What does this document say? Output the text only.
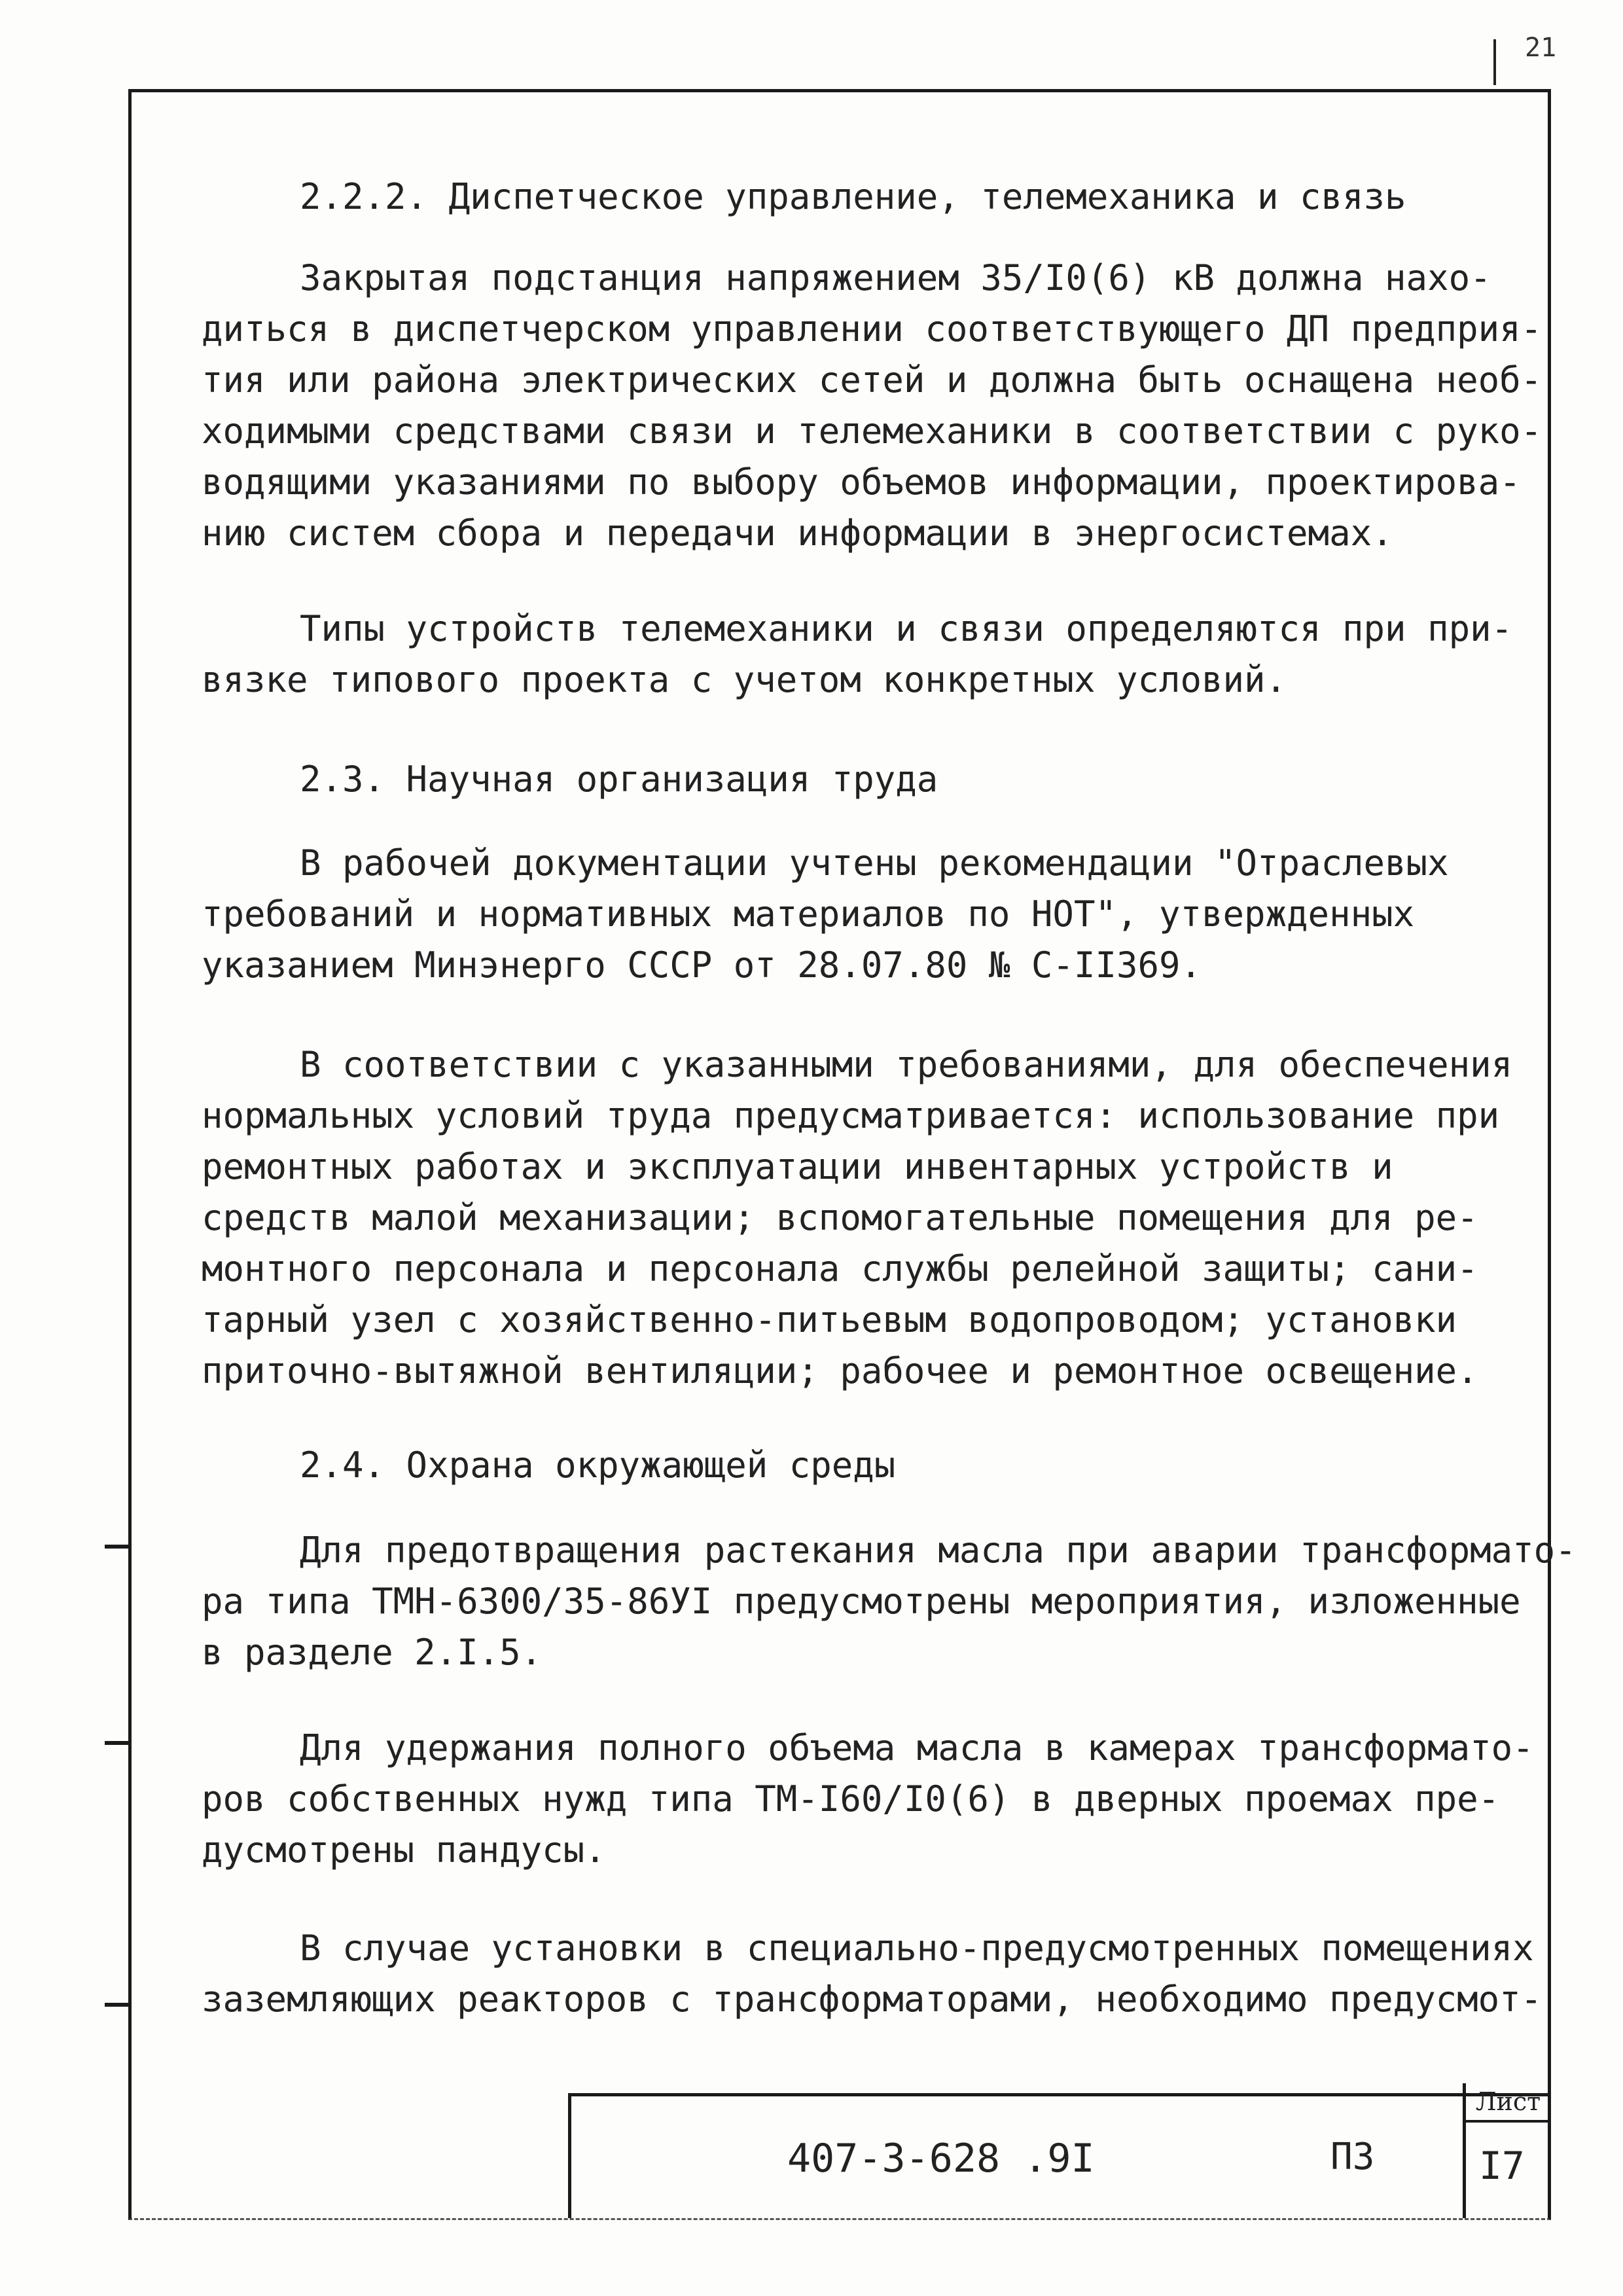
21
2.2.2. Диспетческое управление, телемеханика и связь

Закрытая подстанция напряжением 35/I0(6) кВ должна нахо-

диться в диспетчерском управлении соответствующего ДП предприя-

тия или района электрических сетей и должна быть оснащена необ-

ходимыми средствами связи и телемеханики в соответствии с руко-

водящими указаниями по выбору объемов информации, проектирова-

нию систем сбора и передачи информации в энергосистемах.

Типы устройств телемеханики и связи определяются при при-

вязке типового проекта с учетом конкретных условий.

2.3. Научная организация труда

В рабочей документации учтены рекомендации "Отраслевых

требований и нормативных материалов по НОТ", утвержденных

указанием Минэнерго СССР от 28.07.80 № С-II369.

В соответствии с указанными требованиями, для обеспечения

нормальных условий труда предусматривается: использование при

ремонтных работах и эксплуатации инвентарных устройств и

средств малой механизации; вспомогательные помещения для ре-

монтного персонала и персонала службы релейной защиты; сани-

тарный узел с хозяйственно-питьевым водопроводом; установки

приточно-вытяжной вентиляции; рабочее и ремонтное освещение.

2.4. Охрана окружающей среды

Для предотвращения растекания масла при аварии трансформато-

ра типа ТМН-6300/35-86УI предусмотрены мероприятия, изложенные

в разделе 2.I.5.

Для удержания полного объема масла в камерах трансформато-

ров собственных нужд типа ТМ-I60/I0(6) в дверных проемах пре-

дусмотрены пандусы.

В случае установки в специально-предусмотренных помещениях

заземляющих реакторов с трансформаторами, необходимо предусмот-

407-3-628 .9I	ПЗ
Лист
I7
